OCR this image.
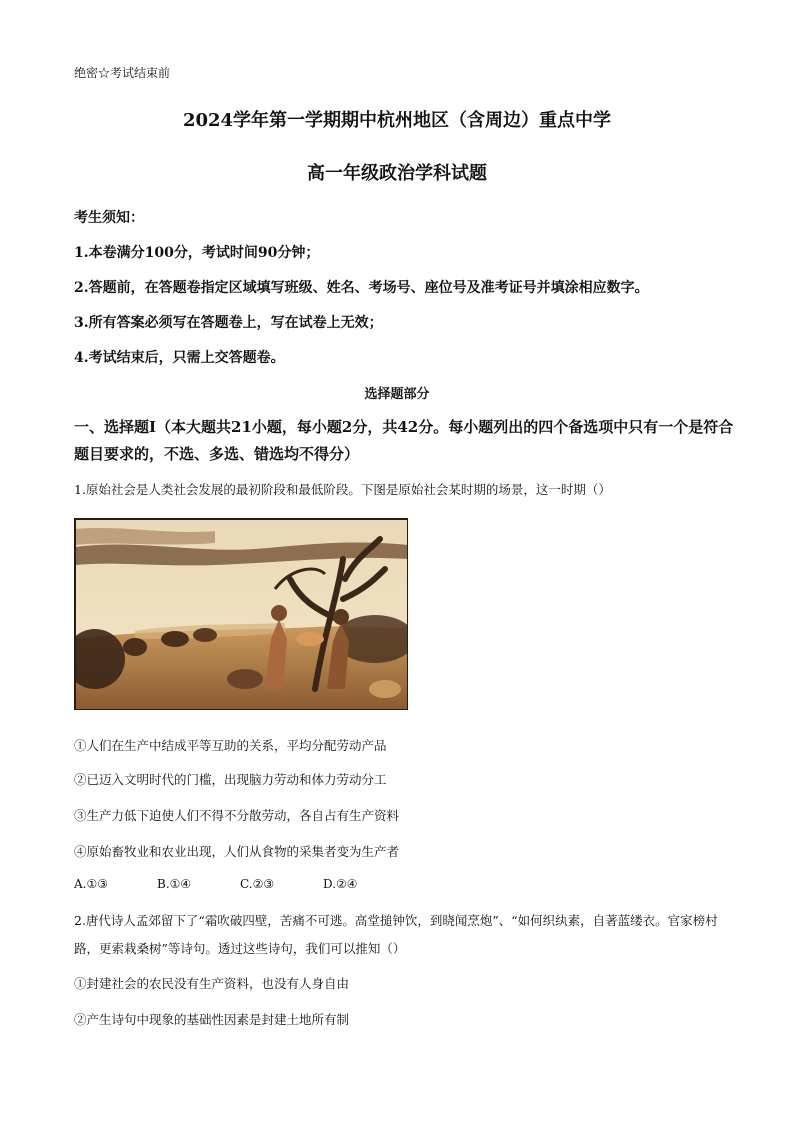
绝密☆考试结束前
2024学年第一学期期中杭州地区（含周边）重点中学
高一年级政治学科试题
考生须知：
1.本卷满分100分，考试时间90分钟；
2.答题前，在答题卷指定区域填写班级、姓名、考场号、座位号及准考证号并填涂相应数字。
3.所有答案必须写在答题卷上，写在试卷上无效；
4.考试结束后，只需上交答题卷。
选择题部分
一、选择题Ⅰ（本大题共21小题，每小题2分，共42分。每小题列出的四个备选项中只有一个是符合题目要求的，不选、多选、错选均不得分）
1.原始社会是人类社会发展的最初阶段和最低阶段。下图是原始社会某时期的场景，这一时期（）
①人们在生产中结成平等互助的关系，平均分配劳动产品
②已迈入文明时代的门槛，出现脑力劳动和体力劳动分工
③生产力低下迫使人们不得不分散劳动，各自占有生产资料
④原始畜牧业和农业出现，人们从食物的采集者变为生产者
A.①③	B.①④	C.②③	D.②④
2.唐代诗人孟郊留下了“霜吹破四壁，苦痛不可逃。高堂搥钟饮，到晓闻烹炮”、“如何织纨素，自著蓝缕衣。官家榜村路，更索栽桑树”等诗句。透过这些诗句，我们可以推知（）
①封建社会的农民没有生产资料，也没有人身自由
②产生诗句中现象的基础性因素是封建土地所有制
